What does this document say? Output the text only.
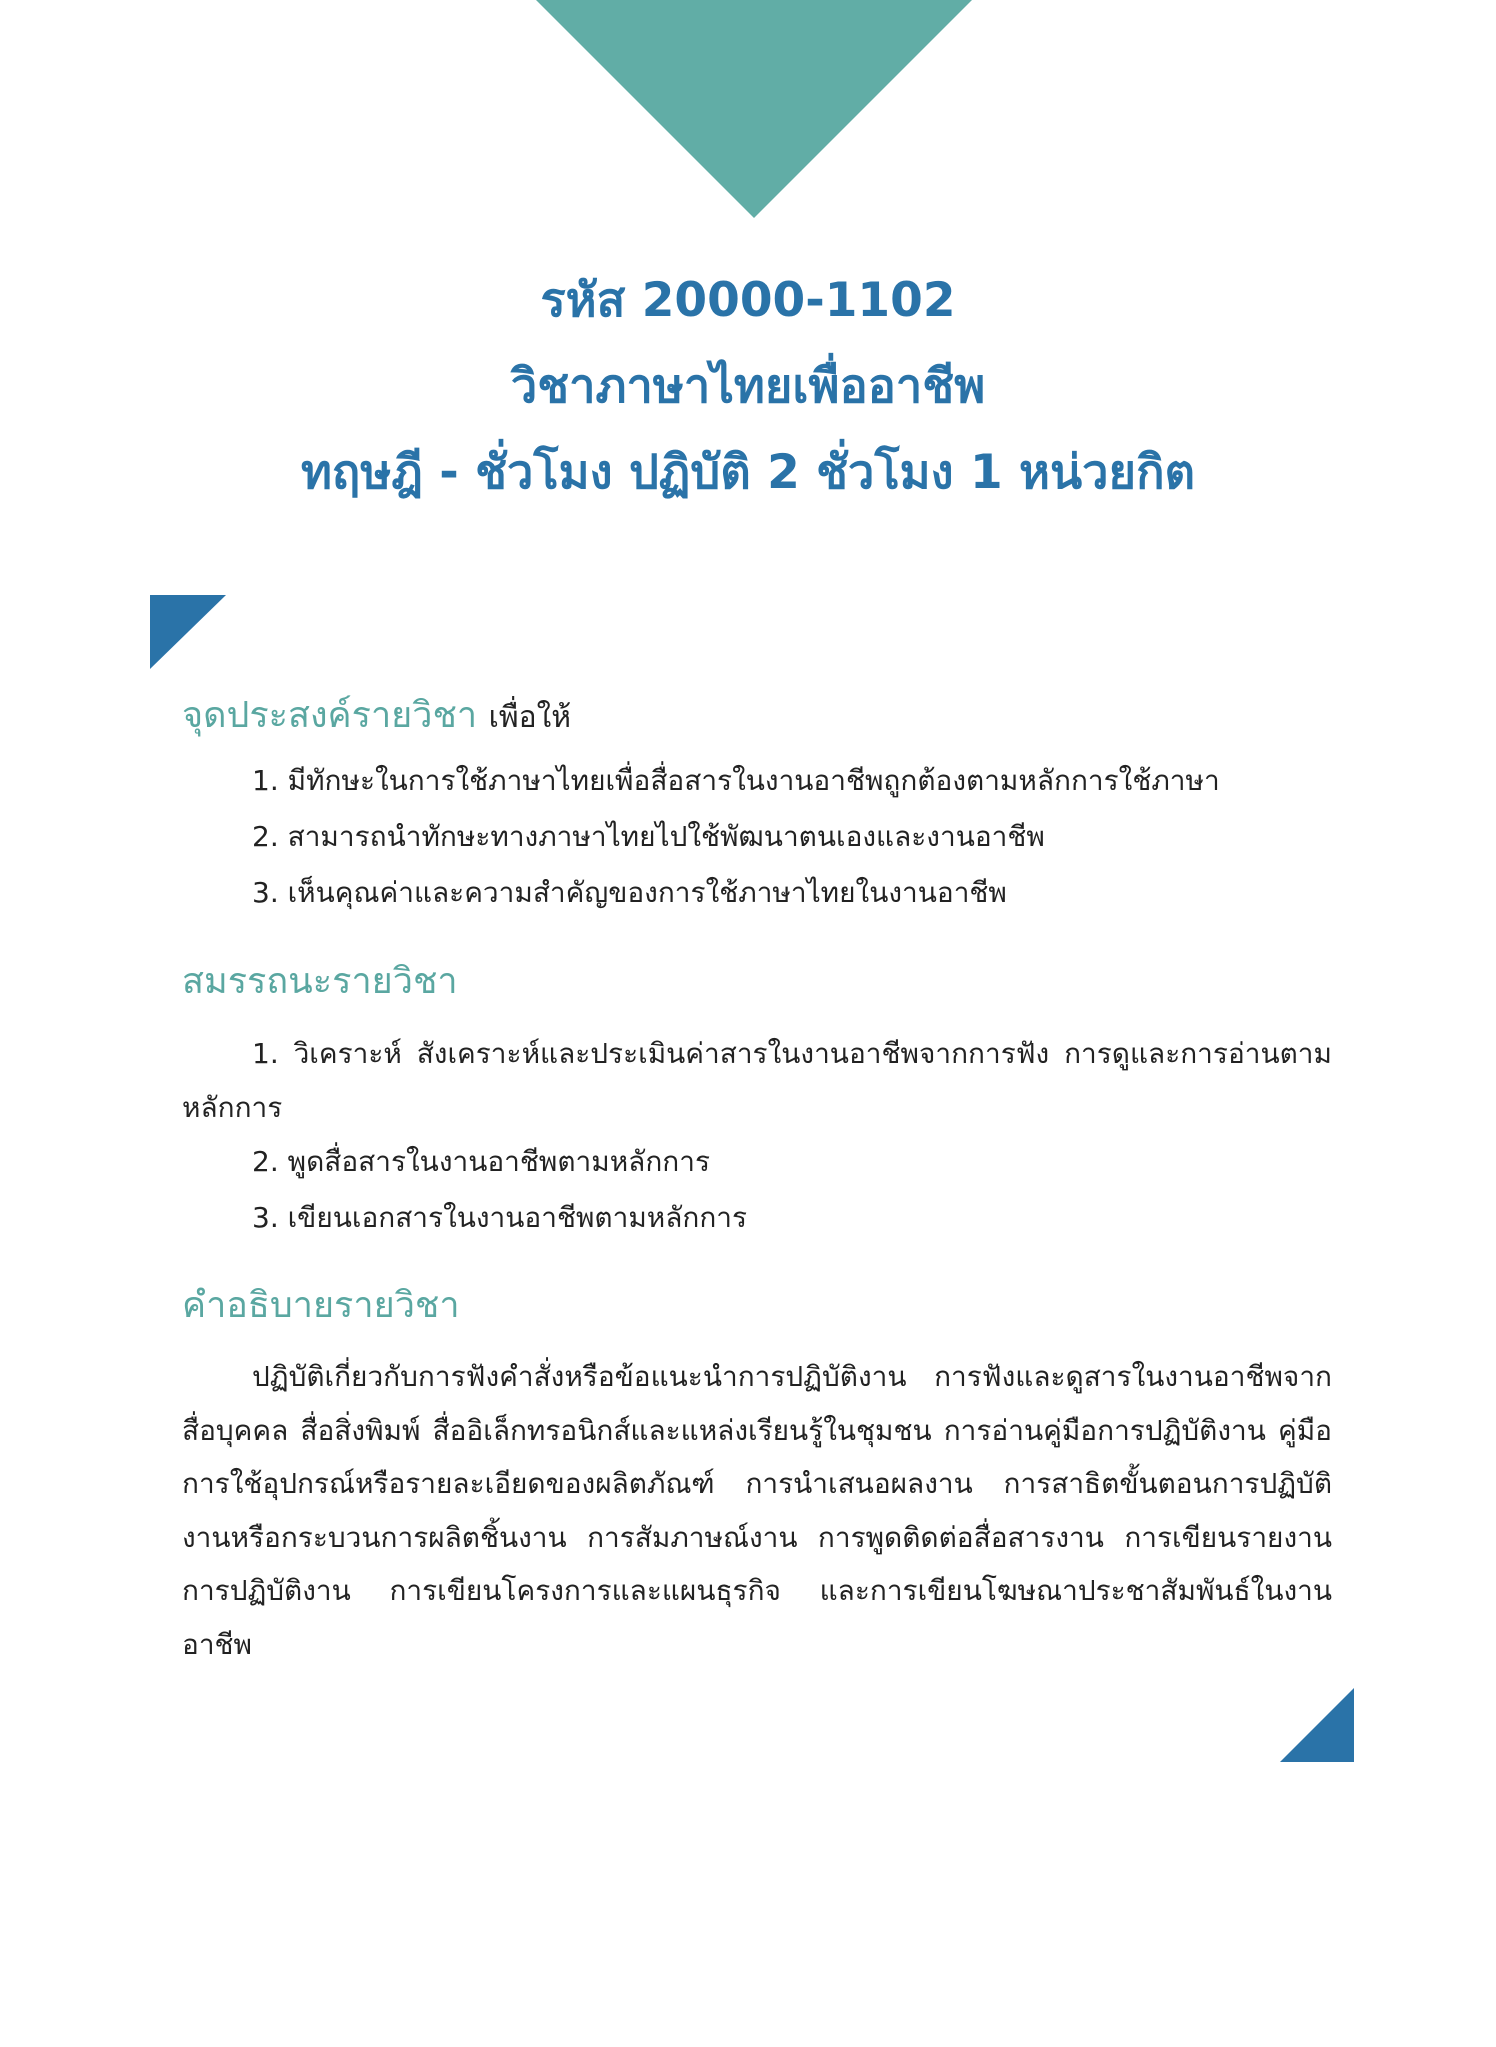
รหัส 20000-1102
วิชาภาษาไทยเพื่ออาชีพ
ทฤษฎี - ชั่วโมง ปฏิบัติ 2 ชั่วโมง 1 หน่วยกิต
จุดประสงค์รายวิชา เพื่อให้
1. มีทักษะในการใช้ภาษาไทยเพื่อสื่อสารในงานอาชีพถูกต้องตามหลักการใช้ภาษา
2. สามารถนำทักษะทางภาษาไทยไปใช้พัฒนาตนเองและงานอาชีพ
3. เห็นคุณค่าและความสำคัญของการใช้ภาษาไทยในงานอาชีพ
สมรรถนะรายวิชา
1. วิเคราะห์ สังเคราะห์และประเมินค่าสารในงานอาชีพจากการฟัง การดูและการอ่านตามหลักการ
2. พูดสื่อสารในงานอาชีพตามหลักการ
3. เขียนเอกสารในงานอาชีพตามหลักการ
คำอธิบายรายวิชา
ปฏิบัติเกี่ยวกับการฟังคำสั่งหรือข้อแนะนำการปฏิบัติงาน การฟังและดูสารในงานอาชีพจากสื่อบุคคล สื่อสิ่งพิมพ์ สื่ออิเล็กทรอนิกส์และแหล่งเรียนรู้ในชุมชน การอ่านคู่มือการปฏิบัติงาน คู่มือการใช้อุปกรณ์หรือรายละเอียดของผลิตภัณฑ์ การนำเสนอผลงาน การสาธิตขั้นตอนการปฏิบัติงานหรือกระบวนการผลิตชิ้นงาน การสัมภาษณ์งาน การพูดติดต่อสื่อสารงาน การเขียนรายงานการปฏิบัติงาน การเขียนโครงการและแผนธุรกิจ และการเขียนโฆษณาประชาสัมพันธ์ในงานอาชีพ
